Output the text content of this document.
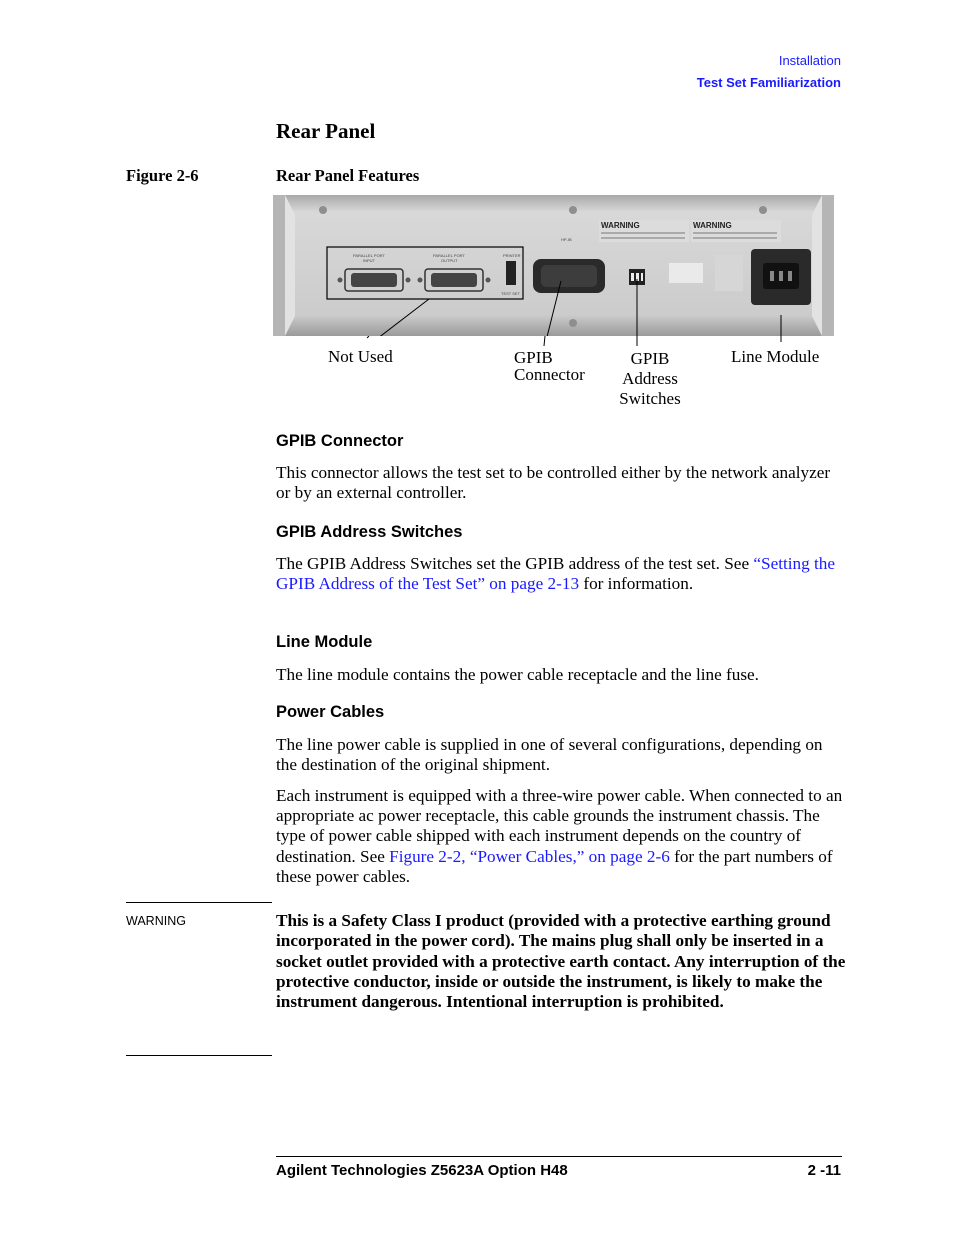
Installation
Test Set Familiarization
Rear Panel
Figure 2-6	Rear Panel Features
PARALLEL PORT
INPUT
PARALLEL PORT
OUTPUT
PRINTER
TEST SET
HP-IB
WARNING	WARNING
Not Used	GPIB
Connector
GPIB
Address
Switches
Line Module
GPIB Connector
This connector allows the test set to be controlled either by the network analyzer or by an external controller.
GPIB Address Switches
The GPIB Address Switches set the GPIB address of the test set. See “Setting the GPIB Address of the Test Set” on page 2-13 for information.
Line Module
The line module contains the power cable receptacle and the line fuse.
Power Cables
The line power cable is supplied in one of several configurations, depending on the destination of the original shipment.
Each instrument is equipped with a three-wire power cable. When connected to an appropriate ac power receptacle, this cable grounds the instrument chassis. The type of power cable shipped with each instrument depends on the country of destination. See Figure 2-2, “Power Cables,” on page 2-6 for the part numbers of these power cables.
WARNING	This is a Safety Class I product (provided with a protective earthing ground incorporated in the power cord). The mains plug shall only be inserted in a socket outlet provided with a protective earth contact. Any interruption of the protective conductor, inside or outside the instrument, is likely to make the instrument dangerous. Intentional interruption is prohibited.
Agilent Technologies Z5623A Option H48	2 -11
